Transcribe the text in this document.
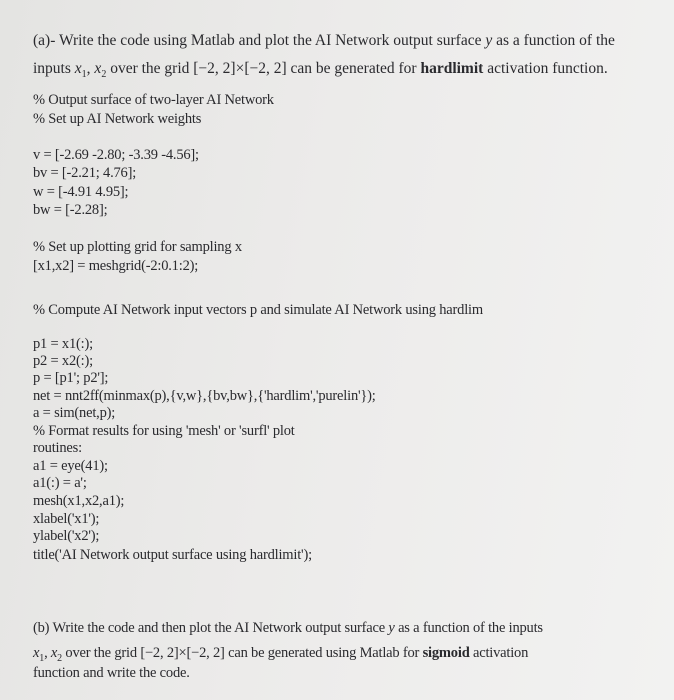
(a)- Write the code using Matlab and plot the AI Network output surface y as a function of the
inputs $x_1$, $x_2$ over the grid [−2, 2]×[−2, 2] can be generated for hardlimit activation function.
% Output surface of two-layer AI Network
% Set up AI Network weights
v = [-2.69 -2.80; -3.39 -4.56];
bv = [-2.21; 4.76];
w = [-4.91 4.95];
bw = [-2.28];
% Set up plotting grid for sampling x
[x1,x2] = meshgrid(-2:0.1:2);
% Compute AI Network input vectors p and simulate AI Network using hardlim
p1 = x1(:);
p2 = x2(:);
p = [p1'; p2'];
net = nnt2ff(minmax(p),{v,w},{bv,bw},{'hardlim','purelin'});
a = sim(net,p);
% Format results for using 'mesh' or 'surfl' plot
routines:
a1 = eye(41);
a1(:) = a';
mesh(x1,x2,a1);
xlabel('x1');
ylabel('x2');
title('AI Network output surface using hardlimit');
(b) Write the code and then plot the AI Network output surface y as a function of the inputs
$x_1$, $x_2$ over the grid [−2, 2]×[−2, 2] can be generated using Matlab for sigmoid activation
function and write the code.
